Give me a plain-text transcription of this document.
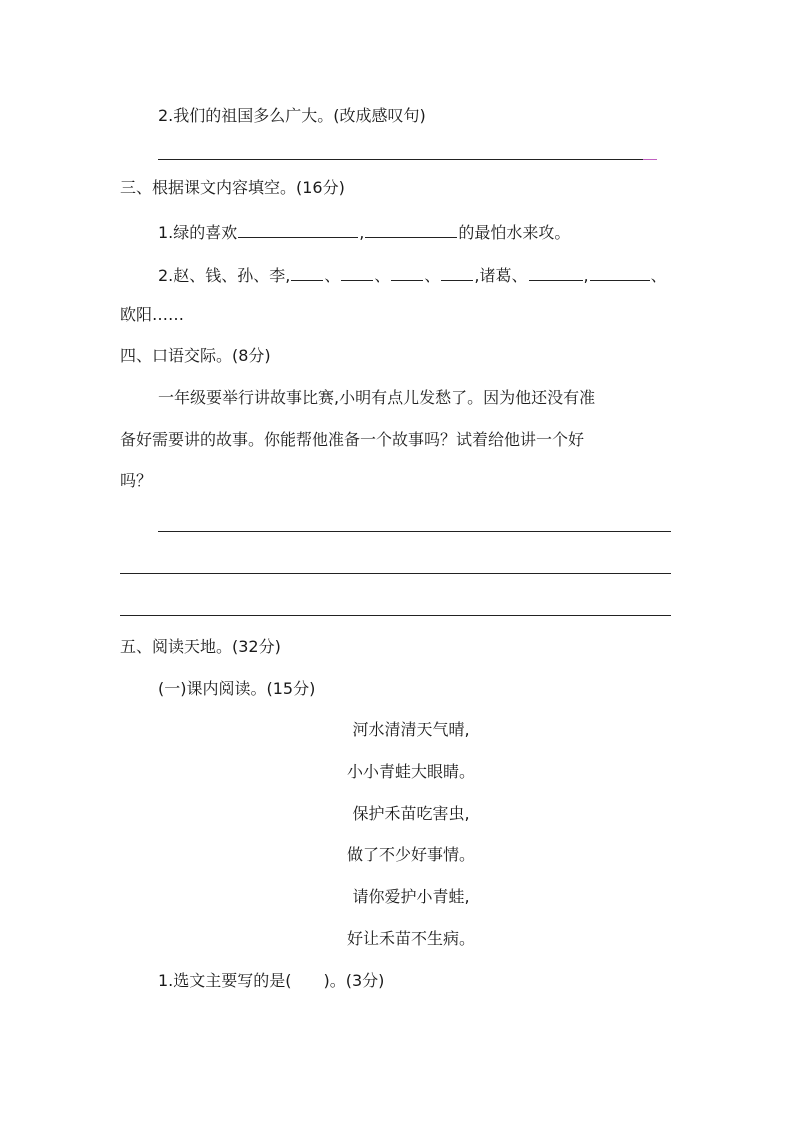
2.我们的祖国多么广大。(改成感叹句)
三、根据课文内容填空。(16分)
1.绿的喜欢	,	的最怕水来攻。
2.赵、钱、孙、李, 、 、 、 ,诸葛、	,	、
欧阳……
四、口语交际。(8分)
一年级要举行讲故事比赛,小明有点儿发愁了。因为他还没有准
备好需要讲的故事。你能帮他准备一个故事吗？试着给他讲一个好
吗？
五、阅读天地。(32分)
(一)课内阅读。(15分)
河水清清天气晴,
小小青蛙大眼睛。
保护禾苗吃害虫,
做了不少好事情。
请你爱护小青蛙,
好让禾苗不生病。
1.选文主要写的是(　　)。(3分)
